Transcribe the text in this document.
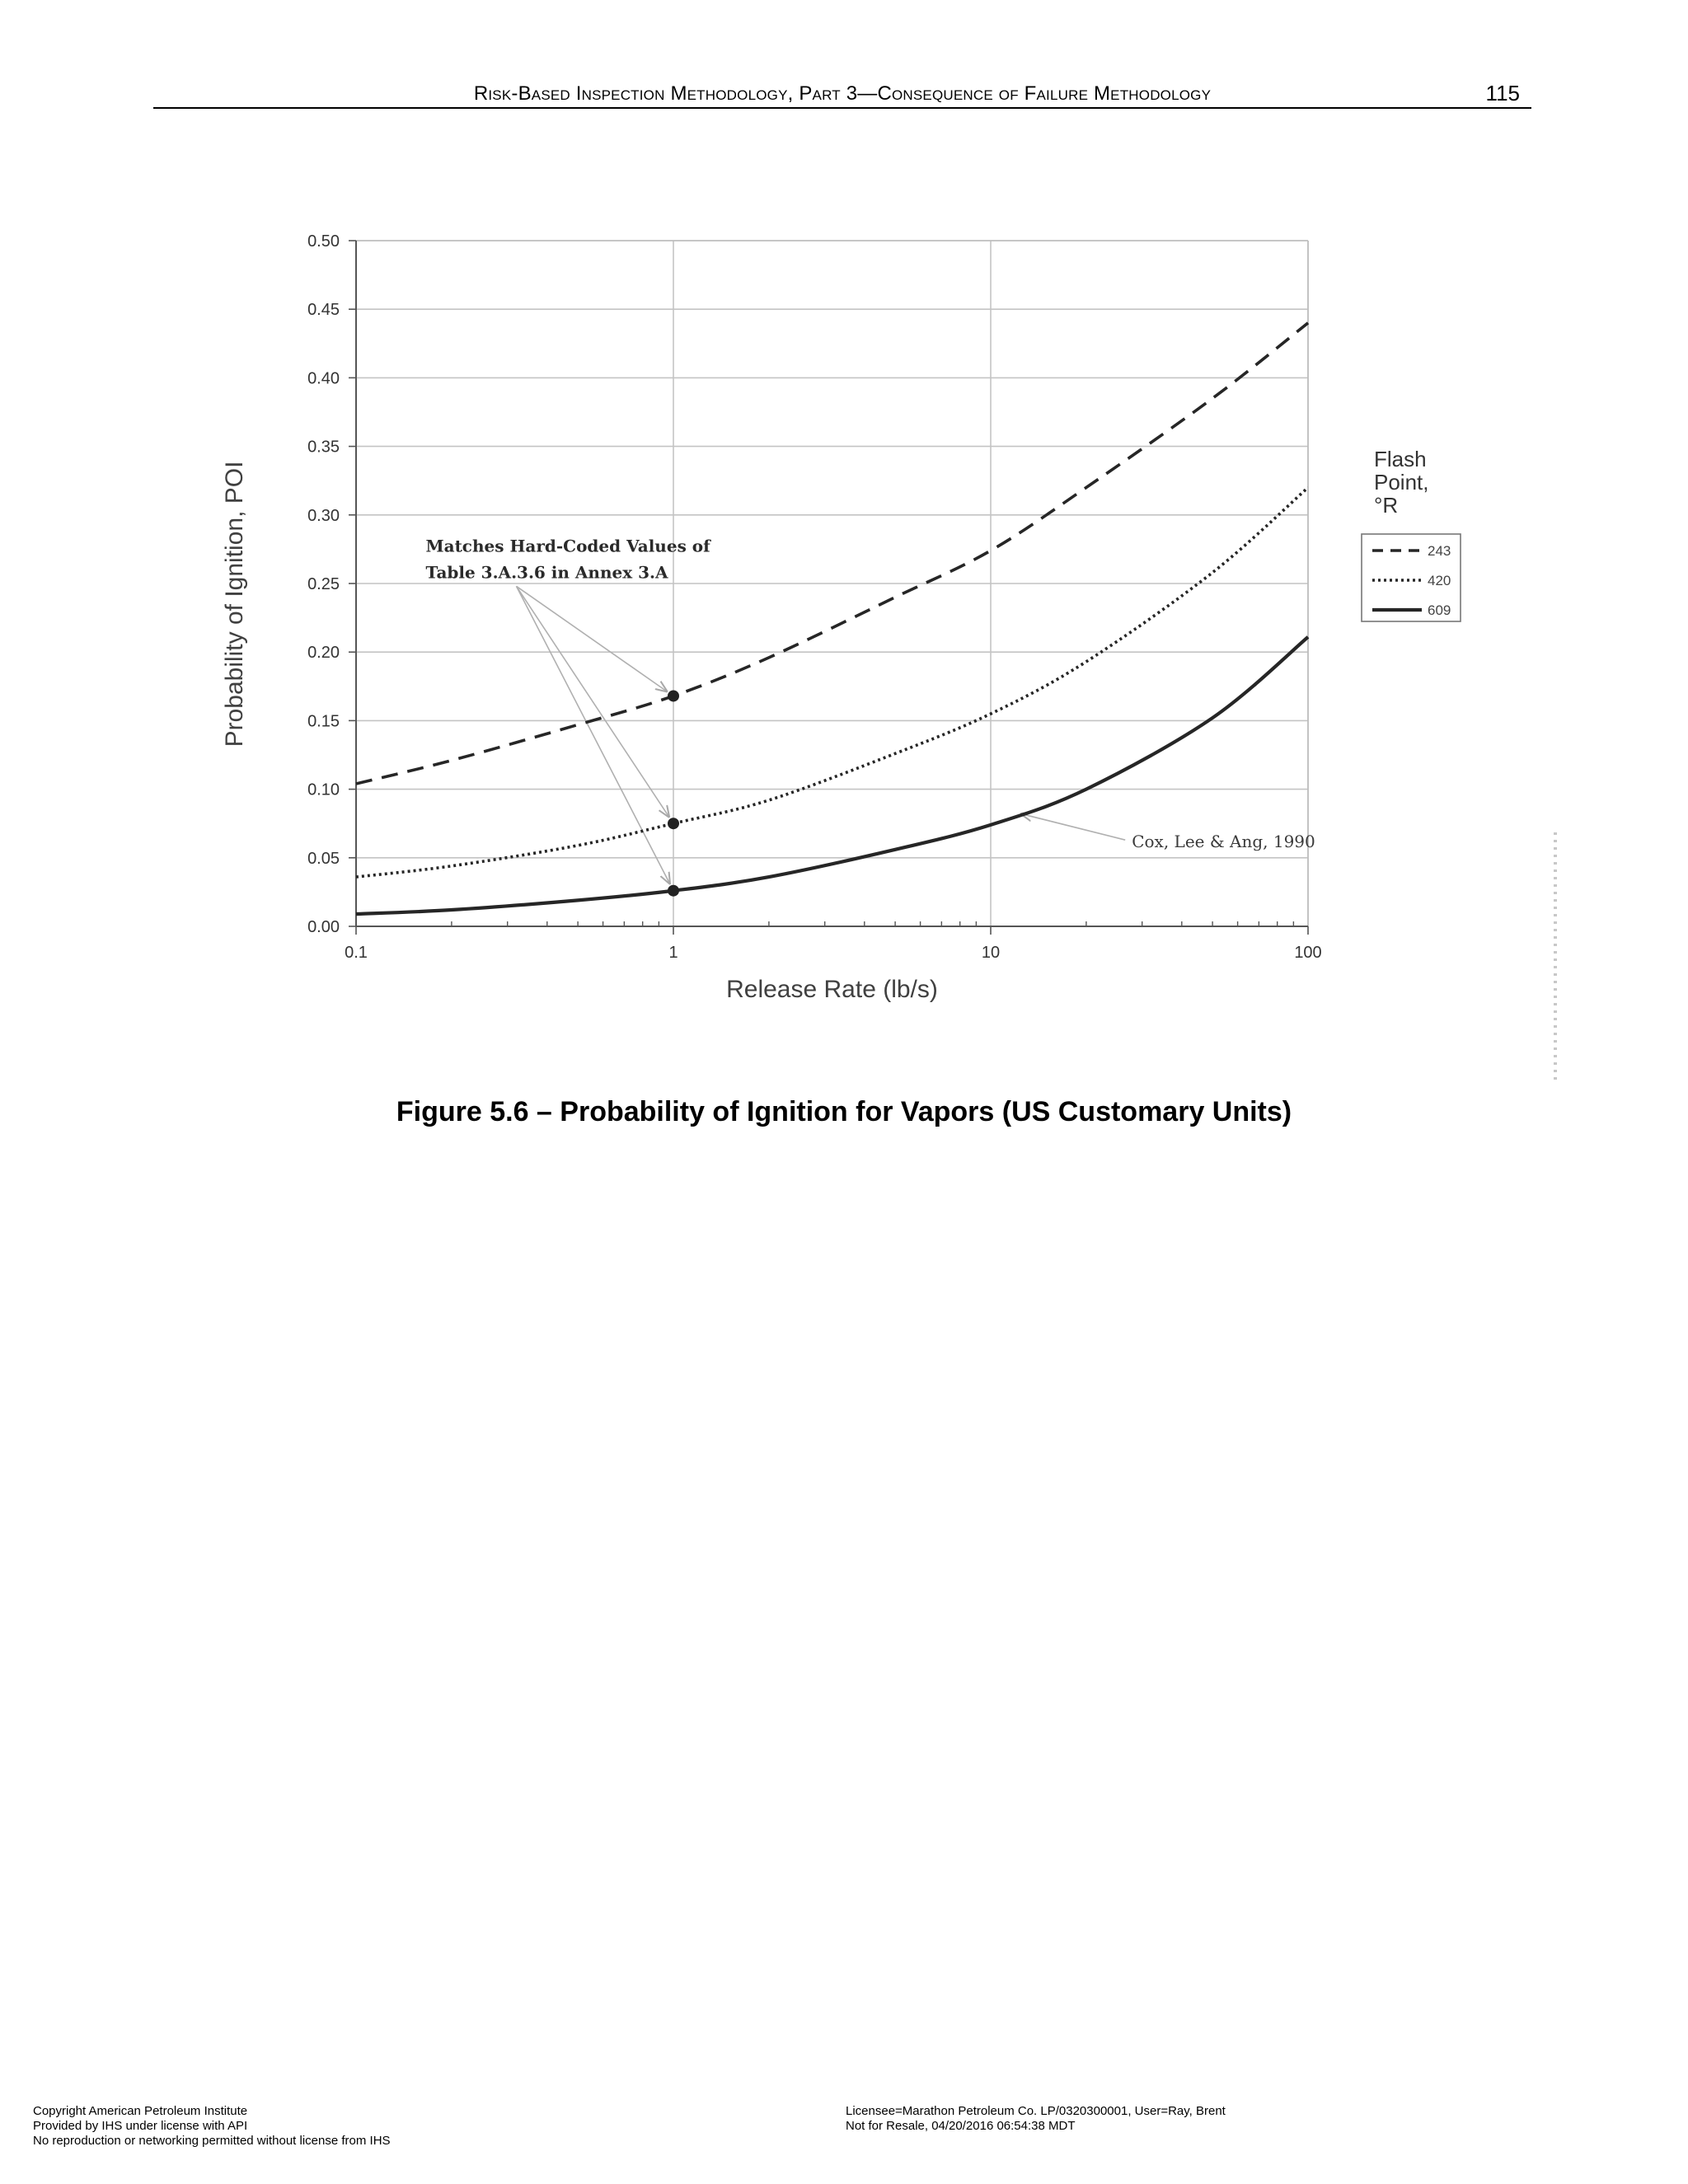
Risk-Based Inspection Methodology, Part 3—Consequence of Failure Methodology	115
Matches Hard-Coded Values of
Table 3.A.3.6 in Annex 3.A
Cox, Lee & Ang, 1990
0.00
0.05
0.10
0.15
0.20
0.25
0.30
0.35
0.40
0.45
0.50
0.1	1	10	100
Release Rate (lb/s)
Probability of Ignition, POI
Flash
Point,
°R
243
420
609
Figure 5.6 – Probability of Ignition for Vapors (US Customary Units)
Copyright American Petroleum Institute
Provided by IHS under license with API
No reproduction or networking permitted without license from IHS
Licensee=Marathon Petroleum Co. LP/0320300001, User=Ray, Brent
Not for Resale, 04/20/2016 06:54:38 MDT
